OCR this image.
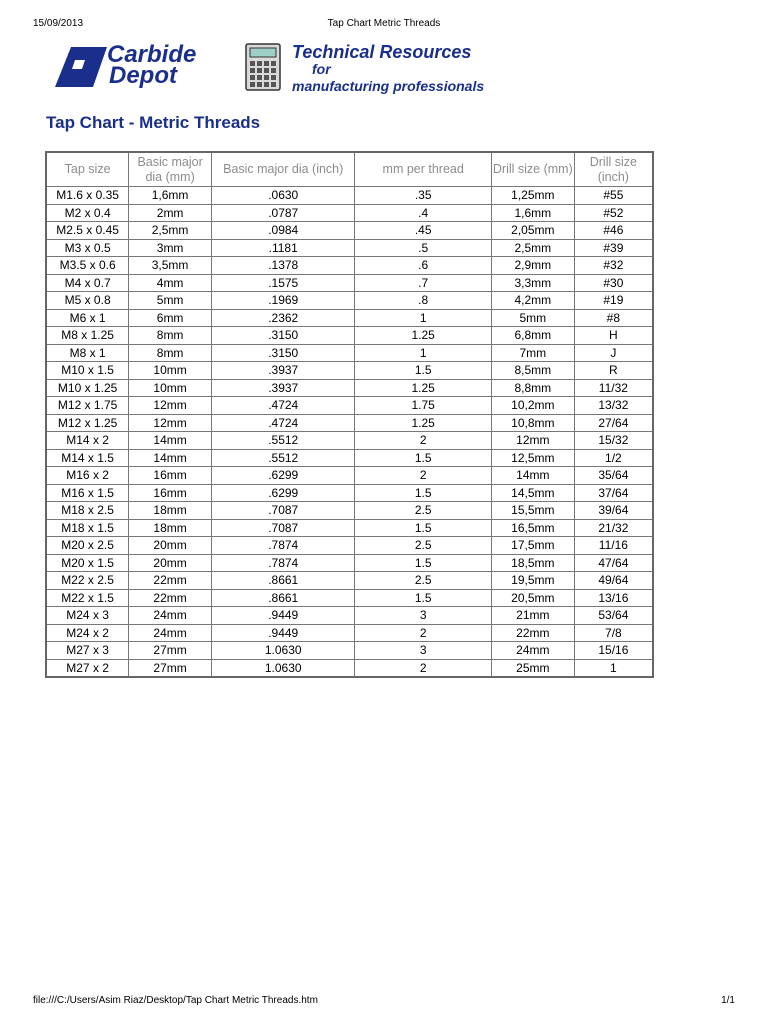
15/09/2013	Tap Chart Metric Threads
Carbide
Depot
Technical Resources
for
manufacturing professionals
Tap Chart - Metric Threads
Tap size	Basic major dia (mm)	Basic major dia (inch)	mm per thread	Drill size (mm)	Drill size (inch)
M1.6 x 0.35	1,6mm	.0630	.35	1,25mm	#55
M2 x 0.4	2mm	.0787	.4	1,6mm	#52
M2.5 x 0.45	2,5mm	.0984	.45	2,05mm	#46
M3 x 0.5	3mm	.1181	.5	2,5mm	#39
M3.5 x 0.6	3,5mm	.1378	.6	2,9mm	#32
M4 x 0.7	4mm	.1575	.7	3,3mm	#30
M5 x 0.8	5mm	.1969	.8	4,2mm	#19
M6 x 1	6mm	.2362	1	5mm	#8
M8 x 1.25	8mm	.3150	1.25	6,8mm	H
M8 x 1	8mm	.3150	1	7mm	J
M10 x 1.5	10mm	.3937	1.5	8,5mm	R
M10 x 1.25	10mm	.3937	1.25	8,8mm	11/32
M12 x 1.75	12mm	.4724	1.75	10,2mm	13/32
M12 x 1.25	12mm	.4724	1.25	10,8mm	27/64
M14 x 2	14mm	.5512	2	12mm	15/32
M14 x 1.5	14mm	.5512	1.5	12,5mm	1/2
M16 x 2	16mm	.6299	2	14mm	35/64
M16 x 1.5	16mm	.6299	1.5	14,5mm	37/64
M18 x 2.5	18mm	.7087	2.5	15,5mm	39/64
M18 x 1.5	18mm	.7087	1.5	16,5mm	21/32
M20 x 2.5	20mm	.7874	2.5	17,5mm	11/16
M20 x 1.5	20mm	.7874	1.5	18,5mm	47/64
M22 x 2.5	22mm	.8661	2.5	19,5mm	49/64
M22 x 1.5	22mm	.8661	1.5	20,5mm	13/16
M24 x 3	24mm	.9449	3	21mm	53/64
M24 x 2	24mm	.9449	2	22mm	7/8
M27 x 3	27mm	1.0630	3	24mm	15/16
M27 x 2	27mm	1.0630	2	25mm	1
file:///C:/Users/Asim Riaz/Desktop/Tap Chart Metric Threads.htm	1/1
